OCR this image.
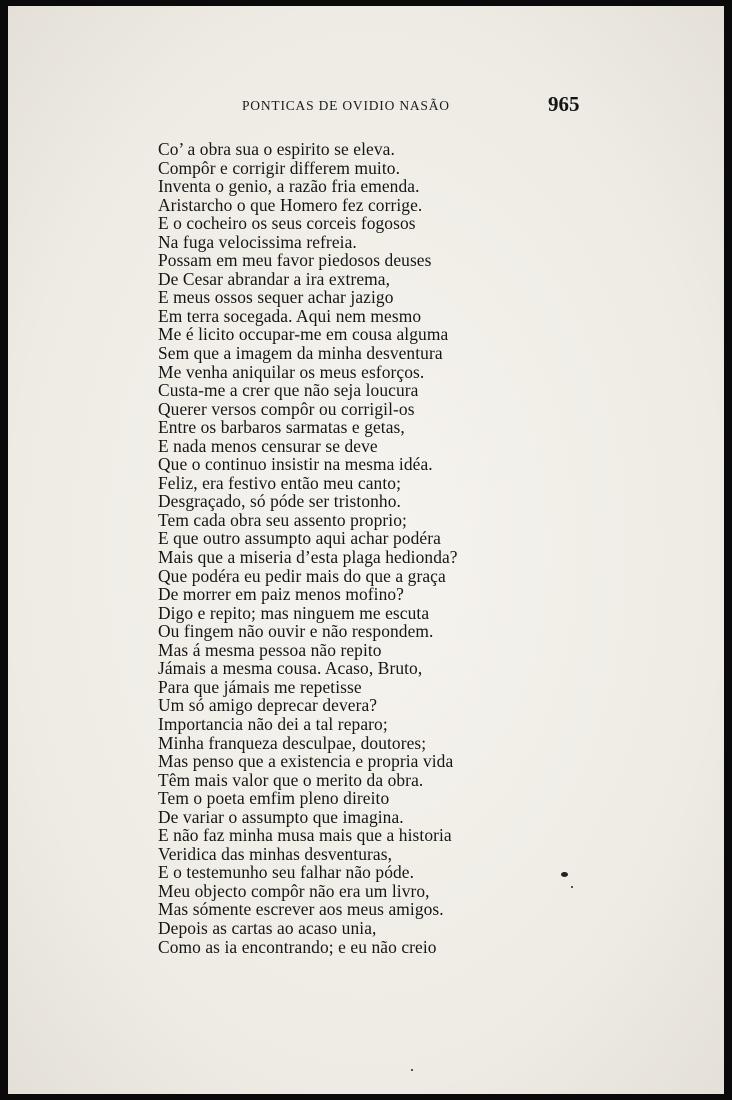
PONTICAS DE OVIDIO NASÃO	965
Co’ a obra sua o espirito se eleva.
Compôr e corrigir differem muito.
Inventa o genio, a razão fria emenda.
Aristarcho o que Homero fez corrige.
E o cocheiro os seus corceis fogosos
Na fuga velocissima refreia.
Possam em meu favor piedosos deuses
De Cesar abrandar a ira extrema,
E meus ossos sequer achar jazigo
Em terra socegada. Aqui nem mesmo
Me é licito occupar-me em cousa alguma
Sem que a imagem da minha desventura
Me venha aniquilar os meus esforços.
Custa-me a crer que não seja loucura
Querer versos compôr ou corrigil-os
Entre os barbaros sarmatas e getas,
E nada menos censurar se deve
Que o continuo insistir na mesma idéa.
Feliz, era festivo então meu canto;
Desgraçado, só póde ser tristonho.
Tem cada obra seu assento proprio;
E que outro assumpto aqui achar podéra
Mais que a miseria d’esta plaga hedionda?
Que podéra eu pedir mais do que a graça
De morrer em paiz menos mofino?
Digo e repito; mas ninguem me escuta
Ou fingem não ouvir e não respondem.
Mas á mesma pessoa não repito
Jámais a mesma cousa. Acaso, Bruto,
Para que jámais me repetisse
Um só amigo deprecar devera?
Importancia não dei a tal reparo;
Minha franqueza desculpae, doutores;
Mas penso que a existencia e propria vida
Têm mais valor que o merito da obra.
Tem o poeta emfim pleno direito
De variar o assumpto que imagina.
E não faz minha musa mais que a historia
Veridica das minhas desventuras,
E o testemunho seu falhar não póde.
Meu objecto compôr não era um livro,
Mas sómente escrever aos meus amigos.
Depois as cartas ao acaso unia,
Como as ia encontrando; e eu não creio
